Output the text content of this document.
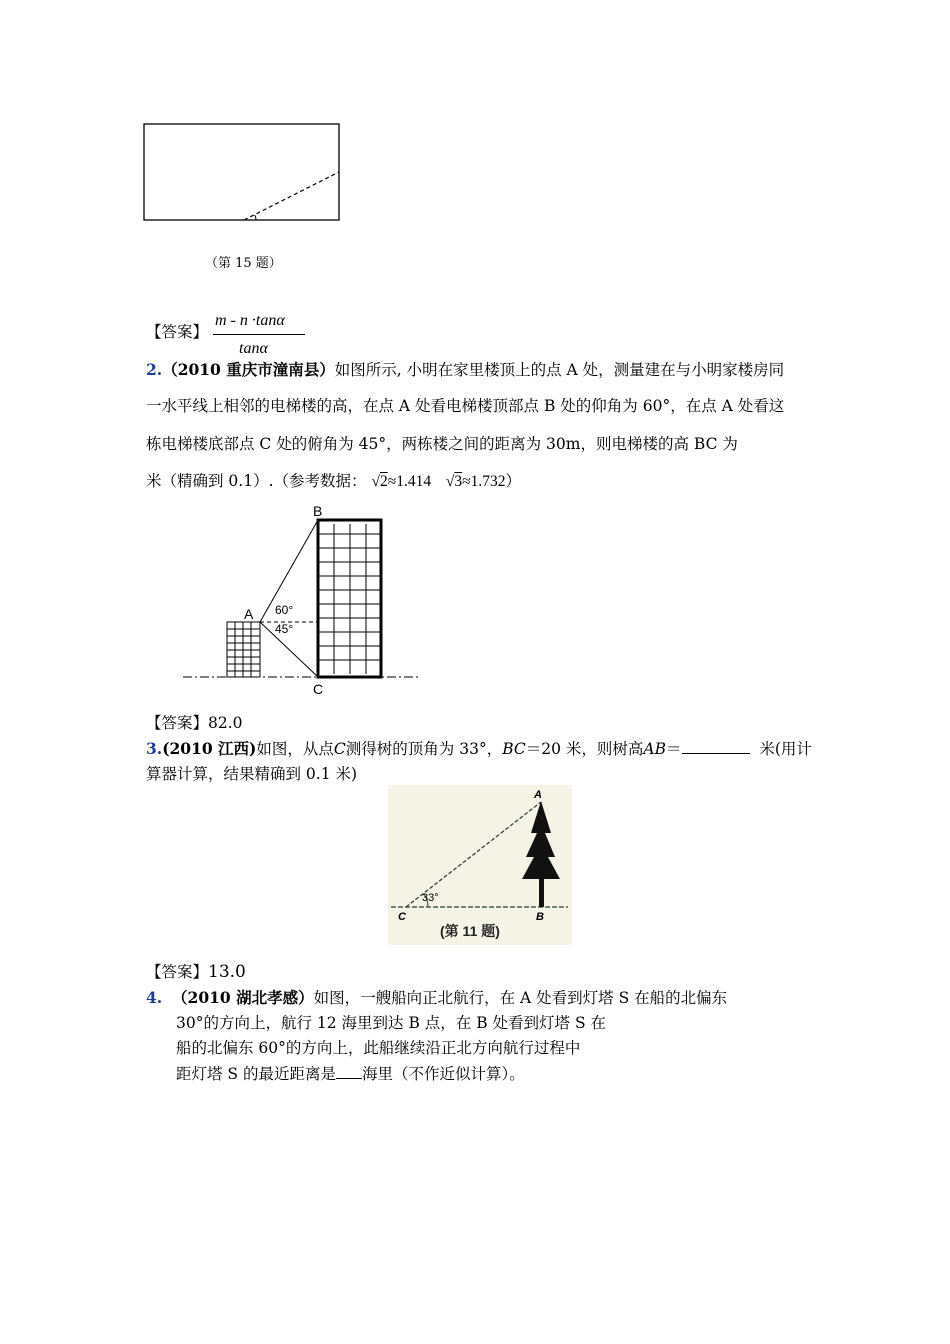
（第 15 题）
【答案】
m - n ·tanα
tanα
2.（2010 重庆市潼南县）如图所示, 小明在家里楼顶上的点 A 处，测量建在与小明家楼房同
一水平线上相邻的电梯楼的高，在点 A 处看电梯楼顶部点 B 处的仰角为 60°，在点 A 处看这
栋电梯楼底部点 C 处的俯角为 45°，两栋楼之间的距离为 30m，则电梯楼的高 BC 为
米（精确到 0.1）.（参考数据： √2≈1.414 √3≈1.732）
B
A
C
60°
45°
【答案】82.0
3.(2010 江西)如图，从点C测得树的顶角为 33°，BC＝20 米，则树高AB＝	米(用计
算器计算，结果精确到 0.1 米)
A
B
C
33°
(第 11 题)
【答案】13.0
4. （2010 湖北孝感）如图，一艘船向正北航行，在 A 处看到灯塔 S 在船的北偏东
30°的方向上，航行 12 海里到达 B 点，在 B 处看到灯塔 S 在
船的北偏东 60°的方向上，此船继续沿正北方向航行过程中
距灯塔 S 的最近距离是 海里（不作近似计算）。
